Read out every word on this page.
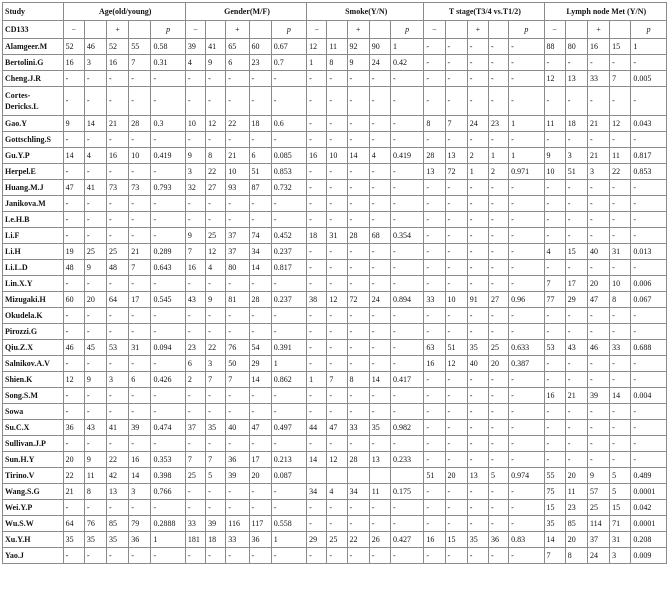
Study	Age(old/young)					Gender(M/F)					Smoke(Y/N)					T stage(T3/4 vs.T1/2)					Lymph node Met (Y/N)				
CD133	−		+		p	−		+		p	−		+		p	−		+		p	−		+		p
Alamgeer.M	52	46	52	55	0.58	39	41	65	60	0.67	12	11	92	90	1	-	-	-	-	-	88	80	16	15	1
Bertolini.G	16	3	16	7	0.31	4	9	6	23	0.7	1	8	9	24	0.42	-	-	-	-	-	-	-	-	-	-
Cheng.J.R	-	-	-	-	-	-	-	-	-	-	-	-	-	-	-	-	-	-	-	-	12	13	33	7	0.005
Cortes-Dericks.L	-	-	-	-	-	-	-	-	-	-	-	-	-	-	-	-	-	-	-	-	-	-	-	-	-
Gao.Y	9	14	21	28	0.3	10	12	22	18	0.6	-	-	-	-	-	8	7	24	23	1	11	18	21	12	0.043
Gottschling.S	-	-	-	-	-	-	-	-	-	-	-	-	-	-	-	-	-	-	-	-	-	-	-	-	-
Gu.Y.P	14	4	16	10	0.419	9	8	21	6	0.085	16	10	14	4	0.419	28	13	2	1	1	9	3	21	11	0.817
Herpel.E	-	-	-	-	-	3	22	10	51	0.853	-	-	-	-	-	13	72	1	2	0.971	10	51	3	22	0.853
Huang.M.J	47	41	73	73	0.793	32	27	93	87	0.732	-	-	-	-	-	-	-	-	-	-	-	-	-	-	-
Janikova.M	-	-	-	-	-	-	-	-	-	-	-	-	-	-	-	-	-	-	-	-	-	-	-	-	-
Le.H.B	-	-	-	-	-	-	-	-	-	-	-	-	-	-	-	-	-	-	-	-	-	-	-	-	-
Li.F	-	-	-	-	-	9	25	37	74	0.452	18	31	28	68	0.354	-	-	-	-	-	-	-	-	-	-
Li.H	19	25	25	21	0.289	7	12	37	34	0.237	-	-	-	-	-	-	-	-	-	-	4	15	40	31	0.013
Li.L.D	48	9	48	7	0.643	16	4	80	14	0.817	-	-	-	-	-	-	-	-	-	-	-	-	-	-	-
Lin.X.Y	-	-	-	-	-	-	-	-	-	-	-	-	-	-	-	-	-	-	-	-	7	17	20	10	0.006
Mizugaki.H	60	20	64	17	0.545	43	9	81	28	0.237	38	12	72	24	0.894	33	10	91	27	0.96	77	29	47	8	0.067
Okudela.K	-	-	-	-	-	-	-	-	-	-	-	-	-	-	-	-	-	-	-	-	-	-	-	-	-
Pirozzi.G	-	-	-	-	-	-	-	-	-	-	-	-	-	-	-	-	-	-	-	-	-	-	-	-	-
Qiu.Z.X	46	45	53	31	0.094	23	22	76	54	0.391	-	-	-	-	-	63	51	35	25	0.633	53	43	46	33	0.688
Salnikov.A.V	-	-	-	-	-	6	3	50	29	1	-	-	-	-	-	16	12	40	20	0.387	-	-	-	-	-
Shien.K	12	9	3	6	0.426	2	7	7	14	0.862	1	7	8	14	0.417	-	-	-	-	-	-	-	-	-	-
Song.S.M	-	-	-	-	-	-	-	-	-	-	-	-	-	-	-	-	-	-	-	-	16	21	39	14	0.004
Sowa	-	-	-	-	-	-	-	-	-	-	-	-	-	-	-	-	-	-	-	-	-	-	-	-	-
Su.C.X	36	43	41	39	0.474	37	35	40	47	0.497	44	47	33	35	0.982	-	-	-	-	-	-	-	-	-	-
Sullivan.J.P	-	-	-	-	-	-	-	-	-	-	-	-	-	-	-	-	-	-	-	-	-	-	-	-	-
Sun.H.Y	20	9	22	16	0.353	7	7	36	17	0.213	14	12	28	13	0.233	-	-	-	-	-	-	-	-	-	-
Tirino.V	22	11	42	14	0.398	25	5	39	20	0.087						51	20	13	5	0.974	55	20	9	5	0.489
Wang.S.G	21	8	13	3	0.766	-	-	-	-	-	34	4	34	11	0.175	-	-	-	-	-	75	11	57	5	0.0001
Wei.Y.P	-	-	-	-	-	-	-	-	-	-	-	-	-	-	-	-	-	-	-	-	15	23	25	15	0.042
Wu.S.W	64	76	85	79	0.2888	33	39	116	117	0.558	-	-	-	-	-	-	-	-	-	-	35	85	114	71	0.0001
Xu.Y.H	35	35	35	36	1	181	18	33	36	1	29	25	22	26	0.427	16	15	35	36	0.83	14	20	37	31	0.208
Yao.J	-	-	-	-	-	-	-	-	-	-	-	-	-	-	-	-	-	-	-	-	7	8	24	3	0.009
